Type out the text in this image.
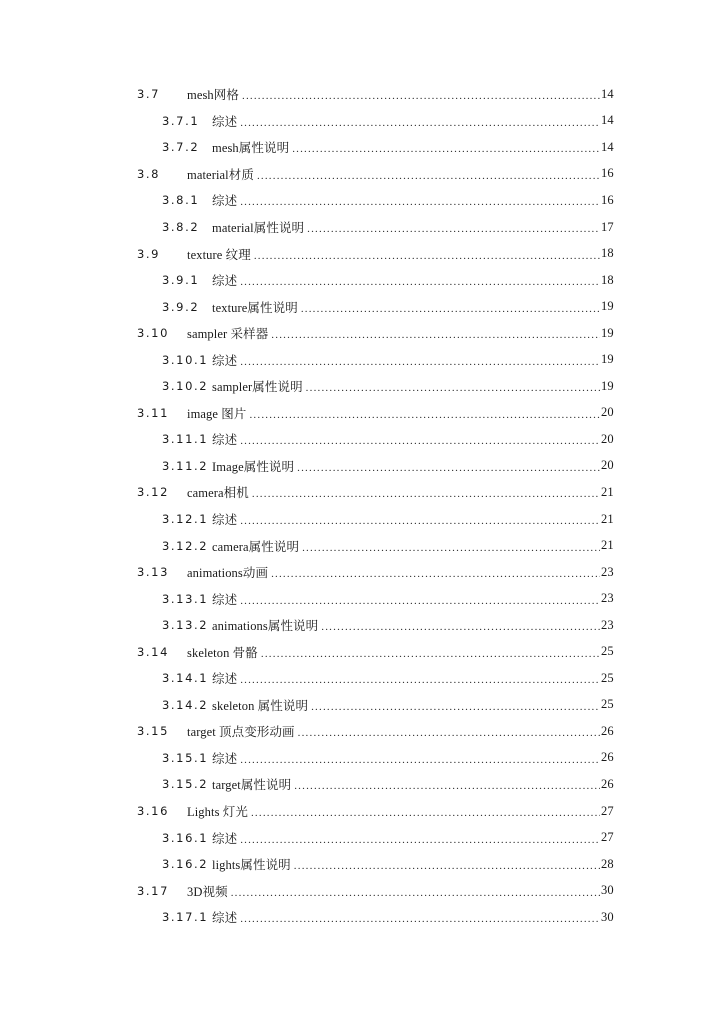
3.7 mesh网格 .....	14
3.7.1 综述 .....	14
3.7.2 mesh属性说明 .....	14
3.8 material材质 .....	16
3.8.1 综述 .....	16
3.8.2 material属性说明 .....	17
3.9 texture 纹理 .....	18
3.9.1 综述 .....	18
3.9.2 texture属性说明 .....	19
3.10 sampler 采样器 .....	19
3.10.1 综述 .....	19
3.10.2 sampler属性说明 .....	19
3.11 image 图片 .....	20
3.11.1 综述 .....	20
3.11.2 Image属性说明 .....	20
3.12 camera相机 .....	21
3.12.1 综述 .....	21
3.12.2 camera属性说明 .....	21
3.13 animations动画 .....	23
3.13.1 综述 .....	23
3.13.2 animations属性说明 .....	23
3.14 skeleton 骨骼 .....	25
3.14.1 综述 .....	25
3.14.2 skeleton 属性说明 .....	25
3.15 target 顶点变形动画 .....	26
3.15.1 综述 .....	26
3.15.2 target属性说明 .....	26
3.16 Lights 灯光 .....	27
3.16.1 综述 .....	27
3.16.2 lights属性说明 .....	28
3.17 3D视频 .....	30
3.17.1 综述 .....	30
